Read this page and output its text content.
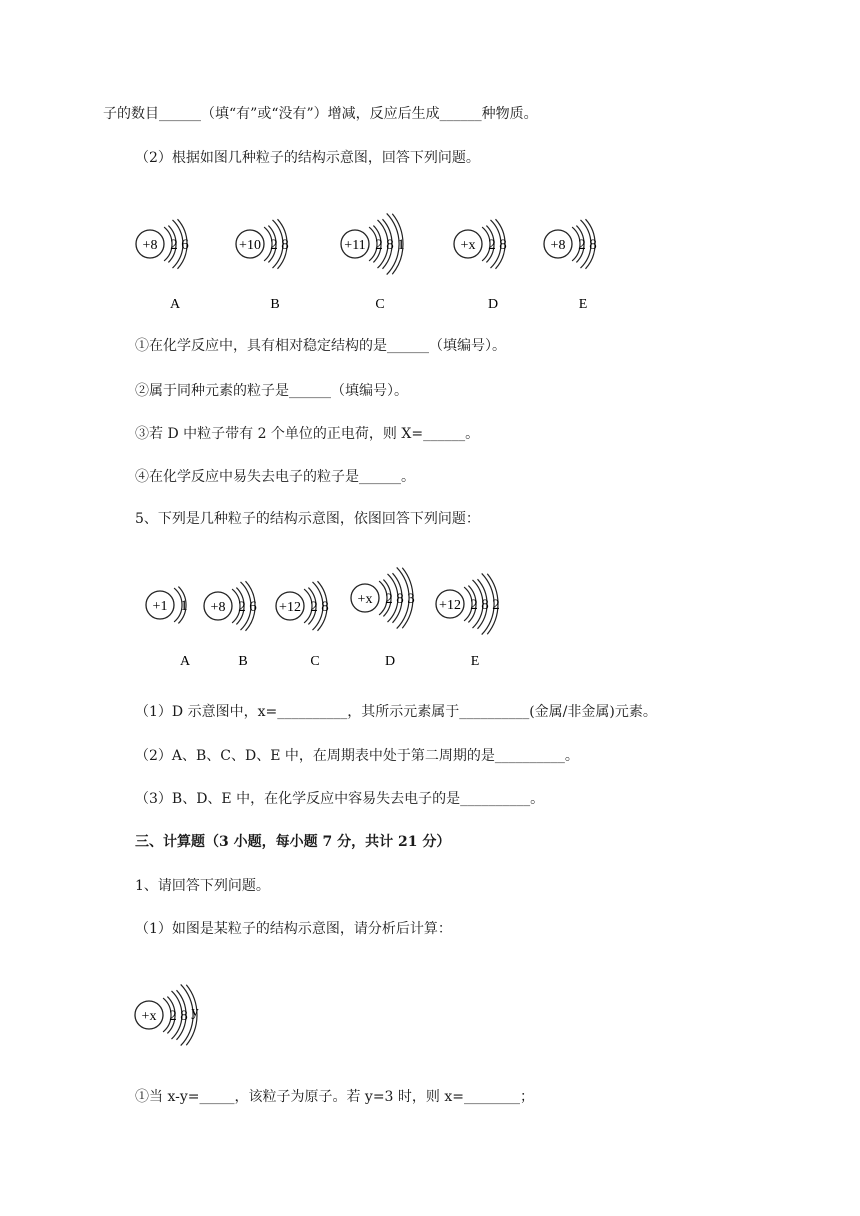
子的数目______（填“有”或“没有”）增减，反应后生成______种物质。
（2）根据如图几种粒子的结构示意图，回答下列问题。
+8 2 6
A
+10 2 8
B
+11 2 8 1
C
+x 2 8
D
+8 2 8
E
+1 1
A
+8 2 6
B
+12 2 8
C
+x 2 8 3
D
+12 2 8 2
E
+x 2 8 y
①在化学反应中，具有相对稳定结构的是______（填编号）。
②属于同种元素的粒子是______（填编号）。
③若 D 中粒子带有 2 个单位的正电荷，则 X=______。
④在化学反应中易失去电子的粒子是______。
5、下列是几种粒子的结构示意图，依图回答下列问题：
（1）D 示意图中，x=__________，其所示元素属于__________(金属/非金属)元素。
（2）A、B、C、D、E 中，在周期表中处于第二周期的是__________。
（3）B、D、E 中，在化学反应中容易失去电子的是__________。
三、计算题（3 小题，每小题 7 分，共计 21 分）
1、请回答下列问题。
（1）如图是某粒子的结构示意图，请分析后计算：
①当 x-y=_____，该粒子为原子。若 y=3 时，则 x=________；
